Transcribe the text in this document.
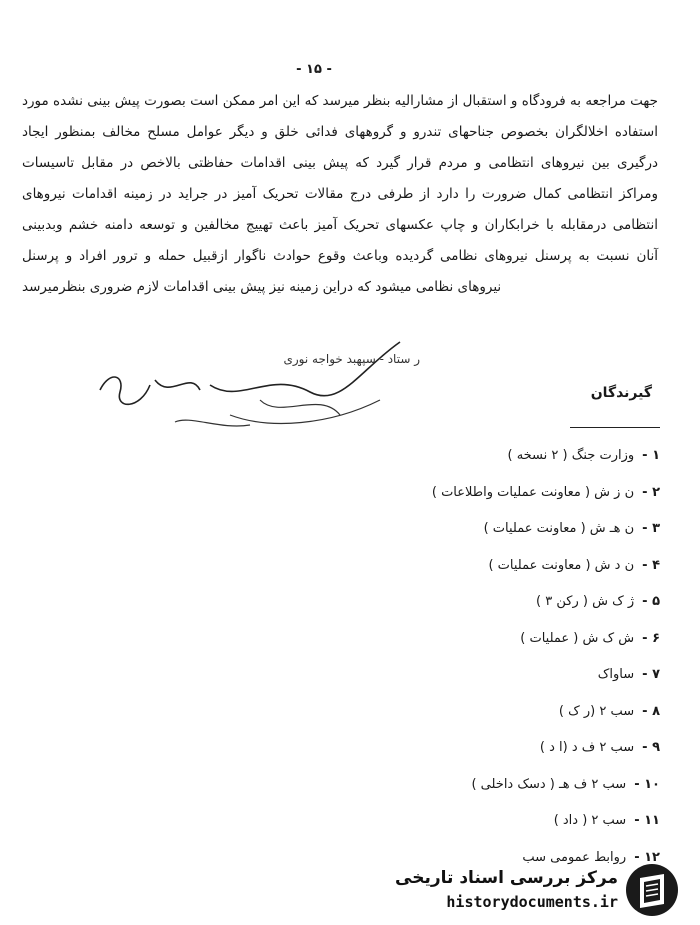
- ۱۵ -
جهت مراجعه به فرودگاه و استقبال از مشارالیه بنظر میرسد که این امر ممکن است بصورت پیش بینی نشده مورد
استفاده اخلالگران بخصوص جناحهای تندرو و گروههای فدائی خلق و دیگر عوامل مسلح مخالف بمنظور ایجاد
درگیری بین نیروهای انتظامی و مردم قرار گیرد که پیش بینی اقدامات حفاظتی بالاخص در مقابل تاسیسات
ومراکز انتظامی کمال ضرورت را دارد از طرفی درج مقالات تحریک آمیز در جراید در زمینه اقدامات نیروهای
انتظامی درمقابله با خرابکاران و چاپ عکسهای تحریک آمیز باعث تهییج مخالفین و توسعه دامنه خشم وبدبینی
آنان نسبت به پرسنل نیروهای نظامی گردیده وباعث وقوع حوادث ناگوار ازقبیل حمله و ترور افراد و پرسنل
نیروهای نظامی میشود که دراین زمینه نیز پیش بینی اقدامات لازم ضروری بنظرمیرسد
ر ستاد - سپهبد خواجه نوری
گیرندگان
۱ -وزارت جنگ ( ۲ نسخه )
۲ -ن ز ش ( معاونت عملیات واطلاعات )
۳ -ن هـ ش ( معاونت عملیات )
۴ -ن د ش ( معاونت عملیات )
۵ -ژ ک ش ( رکن ۳ )
۶ -ش ک ش ( عملیات )
۷ -ساواک
۸ -سب ۲ (ر ک )
۹ -سب ۲ ف د (ا د )
۱۰ -سب ۲ ف هـ ( دسک داخلی )
۱۱ -سب ۲ ( داد )
۱۲ -روابط عمومی سب
مرکز بررسی اسناد تاریخی
historydocuments.ir
